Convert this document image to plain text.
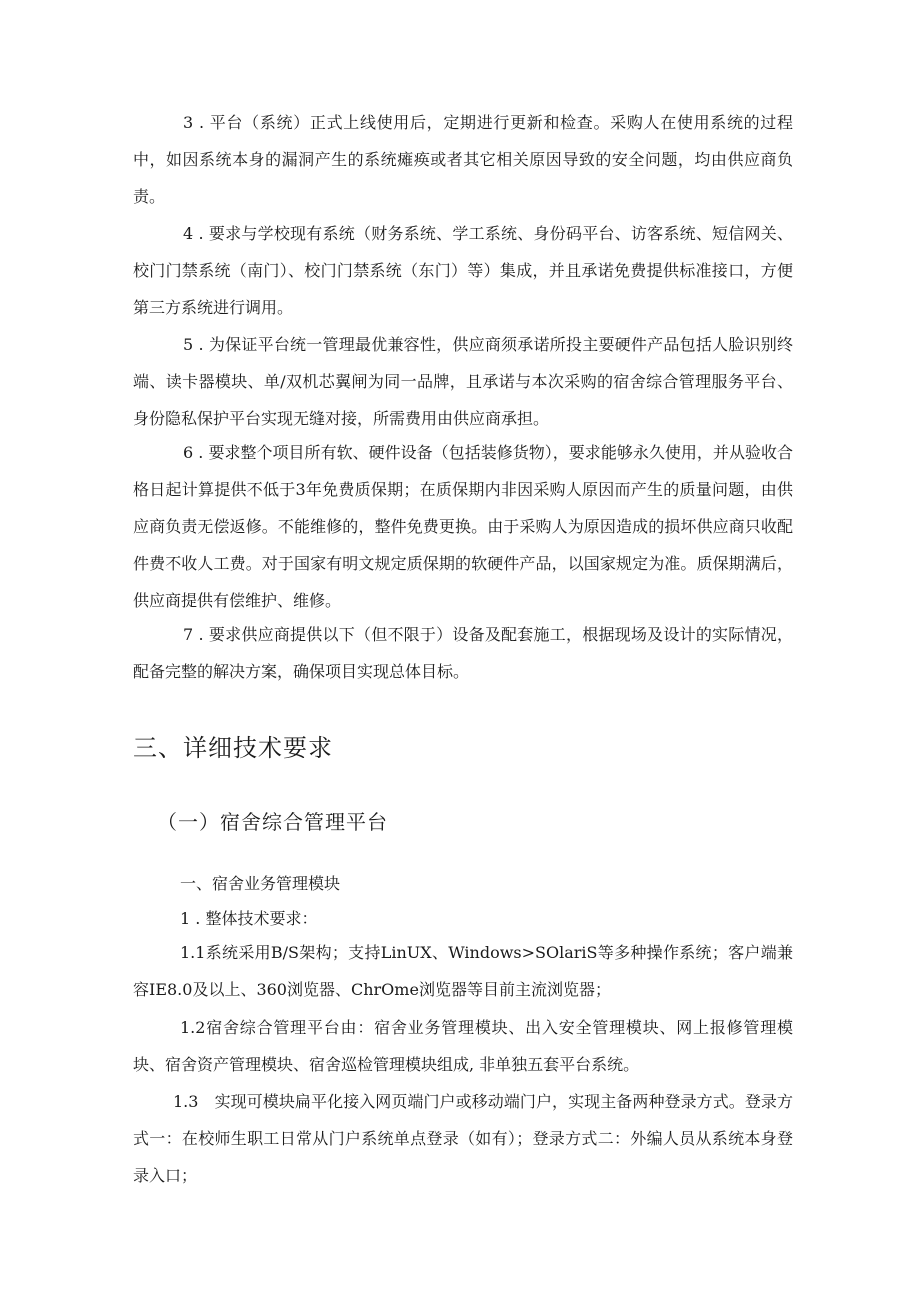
3 . 平台（系统）正式上线使用后，定期进行更新和检查。采购人在使用系统的过程中，如因系统本身的漏洞产生的系统瘫痪或者其它相关原因导致的安全问题，均由供应商负责。

4 . 要求与学校现有系统（财务系统、学工系统、身份码平台、访客系统、短信网关、校门门禁系统（南门）、校门门禁系统（东门）等）集成，并且承诺免费提供标准接口，方便第三方系统进行调用。

5 . 为保证平台统一管理最优兼容性，供应商须承诺所投主要硬件产品包括人脸识别终端、读卡器模块、单/双机芯翼闸为同一品牌，且承诺与本次采购的宿舍综合管理服务平台、身份隐私保护平台实现无缝对接，所需费用由供应商承担。

6 . 要求整个项目所有软、硬件设备（包括装修货物），要求能够永久使用，并从验收合格日起计算提供不低于3年免费质保期；在质保期内非因采购人原因而产生的质量问题，由供应商负责无偿返修。不能维修的，整件免费更换。由于采购人为原因造成的损坏供应商只收配件费不收人工费。对于国家有明文规定质保期的软硬件产品，以国家规定为准。质保期满后，供应商提供有偿维护、维修。

7 . 要求供应商提供以下（但不限于）设备及配套施工，根据现场及设计的实际情况，配备完整的解决方案，确保项目实现总体目标。

三、详细技术要求
（一）宿舍综合管理平台
一、宿舍业务管理模块
1 . 整体技术要求：

1.1系统采用B/S架构；支持LinUX、Windows>SOlariS等多种操作系统；客户端兼容IE8.0及以上、360浏览器、ChrOme浏览器等目前主流浏览器；

1.2宿舍综合管理平台由：宿舍业务管理模块、出入安全管理模块、网上报修管理模块、宿舍资产管理模块、宿舍巡检管理模块组成, 非单独五套平台系统。

1.3　实现可模块扁平化接入网页端门户或移动端门户，实现主备两种登录方式。登录方式一：在校师生职工日常从门户系统单点登录（如有）；登录方式二：外编人员从系统本身登录入口；
